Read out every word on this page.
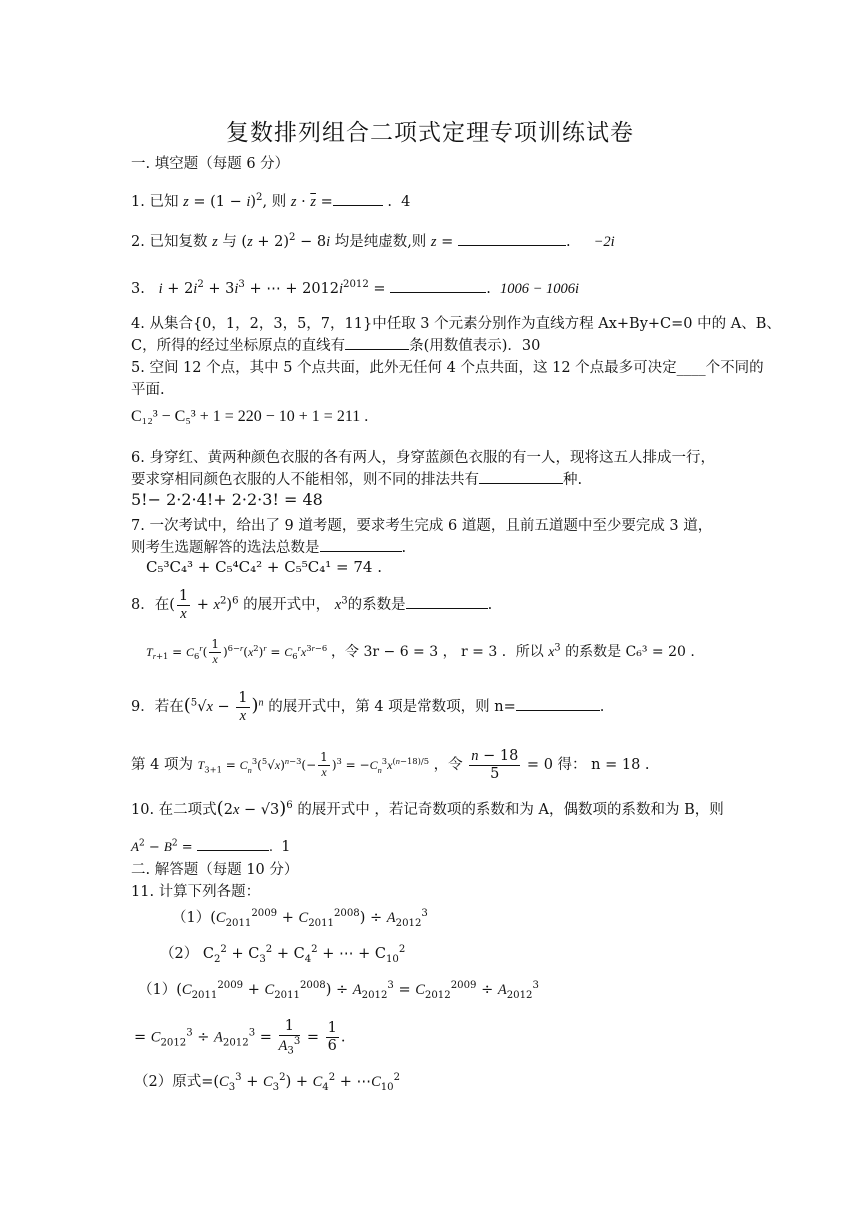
复数排列组合二项式定理专项训练试卷
一. 填空题（每题 6 分）
1. 已知 $z = (1 - i)^2$, 则 $z \cdot \overline{z}$ =	.  4
2. 已知复数 z 与 $(z + 2)^2 - 8i$ 均是纯虚数,则 z =	.     −2i
3. $i + 2i^2 + 3i^3$ + ⋯ + $2012i^{2012}$ =	.  1006 − 1006i
4. 从集合{0，1，2，3，5，7，11}中任取 3 个元素分别作为直线方程 Ax+By+C=0 中的 A、B、
C，所得的经过坐标原点的直线有	条(用数值表示)．30
5. 空间 12 个点，其中 5 个点共面，此外无任何 4 个点共面，这 12 个点最多可决定____个不同的
平面.
C₁₂³ − C₅³ + 1 = 220 − 10 + 1 = 211 .
6. 身穿红、黄两种颜色衣服的各有两人，身穿蓝颜色衣服的有一人，现将这五人排成一行，
要求穿相同颜色衣服的人不能相邻，则不同的排法共有	种.
5!− 2·2·4!+ 2·2·3! = 48
7. 一次考试中，给出了 9 道考题，要求考生完成 6 道题，且前五道题中至少要完成 3 道，
则考生选题解答的选法总数是	.
C₅³C₄³ + C₅⁴C₄² + C₅⁵C₄¹ = 74 .
8．在( $\frac{1}{x} + x^2)^6$ 的展开式中， $x^3$的系数是	.
$T_{r+1} = C_6^r( \frac{1}{x} )^{6-r}(x^2)^r = C_6^rx^{3r-6}$ ，令 3r − 6 = 3 ， r = 3 ．所以 $x^3$ 的系数是 C₆³ = 20 .
9．若在$(^5√x - \frac{1}{x} )^n$ 的展开式中，第 4 项是常数项，则 n=	.
第 4 项为 $T_{3+1} = C_n^3(^5√x)^{n-3}(- \frac{1}{x} )^3 = -C_n^3x^{(n-18)/5}$ ，令 $\frac{n - 18}{5} = 0$ 得： n = 18 .
10. 在二项式$(2x - √3)^6$ 的展开式中 ，若记奇数项的系数和为 A，偶数项的系数和为 B，则
$A^2 - B^2$ =	.  1
二. 解答题（每题 10 分）
11. 计算下列各题：
$(1)(C_{2011}^{2009} + C_{2011}^{2008}) \div A_{2012}^3$
（2） $C_2^2 + C_3^2 + C_4^2$ + ⋯ + $C_{10}^2$
$(1)(C_{2011}^{2009} + C_{2011}^{2008}) \div A_{2012}^3 = C_{2012}^{2009} \div A_{2012}^3$
= $C_{2012}^3 \div A_{2012}^3 = \frac{1}{A_3^3} = \frac{1}{6}$ .
（2）原式$=(C_3^3 + C_3^2) + C_4^2$ + $\cdots C_{10}^2$
